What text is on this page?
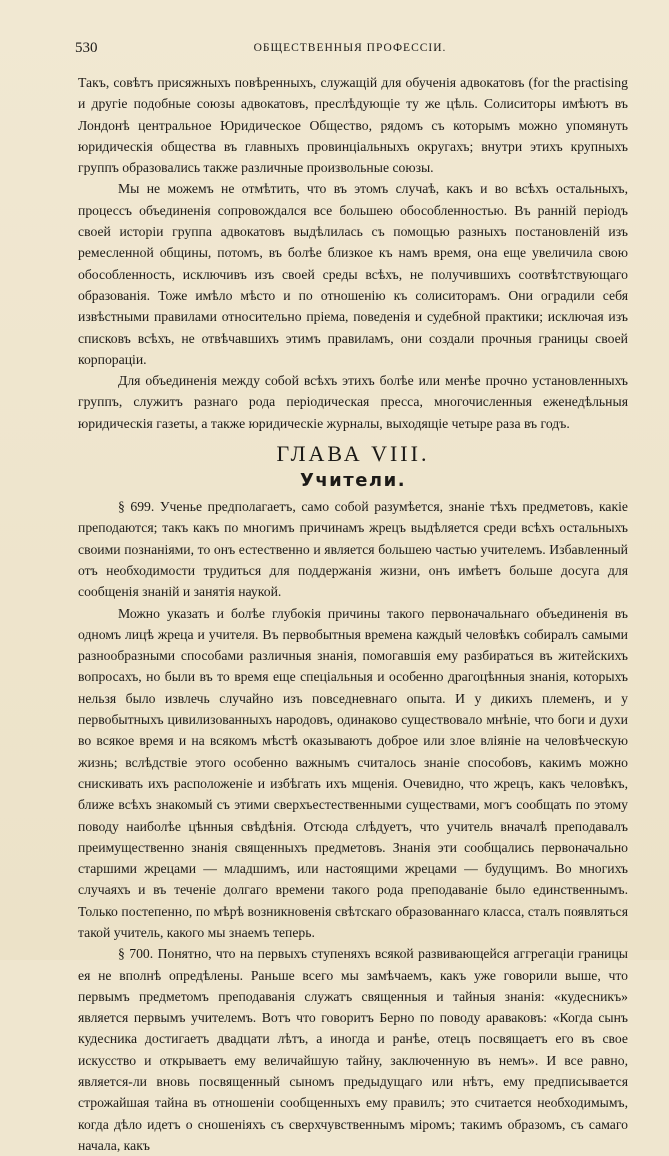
530	ОБЩЕСТВЕННЫЯ ПРОФЕССІИ.

Такъ, совѣтъ присяжныхъ повѣренныхъ, служащій для обученія адвокатовъ (for the practising и другіе подобные союзы адвокатовъ, преслѣдующіе ту же цѣль. Солиситоры имѣютъ въ Лондонѣ центральное Юридическое Общество, рядомъ съ которымъ можно упомянуть юридическія общества въ главныхъ провинціальныхъ округахъ; внутри этихъ крупныхъ группъ образовались также различные произвольные союзы.

Мы не можемъ не отмѣтить, что въ этомъ случаѣ, какъ и во всѣхъ остальныхъ, процессъ объединенія сопровождался все большею обособленностью. Въ ранній періодъ своей исторіи группа адвокатовъ выдѣлилась съ помощью разныхъ постановленій изъ ремесленной общины, потомъ, въ болѣе близкое къ намъ время, она еще увеличила свою обособленность, исключивъ изъ своей среды всѣхъ, не получившихъ соотвѣтствующаго образованія. Тоже имѣло мѣсто и по отношенію къ солиситорамъ. Они оградили себя извѣстными правилами относительно пріема, поведенія и судебной практики; исключая изъ списковъ всѣхъ, не отвѣчавшихъ этимъ правиламъ, они создали прочныя границы своей корпораціи.

Для объединенія между собой всѣхъ этихъ болѣе или менѣе прочно установленныхъ группъ, служитъ разнаго рода періодическая пресса, многочисленныя еженедѣльныя юридическія газеты, а также юридическіе журналы, выходящіе четыре раза въ годъ.

ГЛАВА VIII.
Учители.

§ 699. Ученье предполагаетъ, само собой разумѣется, знаніе тѣхъ предметовъ, какіе преподаются; такъ какъ по многимъ причинамъ жрецъ выдѣляется среди всѣхъ остальныхъ своими познаніями, то онъ естественно и является большею частью учителемъ. Избавленный отъ необходимости трудиться для поддержанія жизни, онъ имѣетъ больше досуга для сообщенія знаній и занятія наукой.

Можно указать и болѣе глубокія причины такого первоначальнаго объединенія въ одномъ лицѣ жреца и учителя. Въ первобытныя времена каждый человѣкъ собиралъ самыми разнообразными способами различныя знанія, помогавшія ему разбираться въ житейскихъ вопросахъ, но были въ то время еще спеціальныя и особенно драгоцѣнныя знанія, которыхъ нельзя было извлечь случайно изъ повседневнаго опыта. И у дикихъ племенъ, и у первобытныхъ цивилизованныхъ народовъ, одинаково существовало мнѣніе, что боги и духи во всякое время и на всякомъ мѣстѣ оказываютъ доброе или злое вліяніе на человѣческую жизнь; вслѣдствіе этого особенно важнымъ считалось знаніе способовъ, какимъ можно снискивать ихъ расположеніе и избѣгать ихъ мщенія. Очевидно, что жрецъ, какъ человѣкъ, ближе всѣхъ знакомый съ этими сверхъестественными существами, могъ сообщать по этому поводу наиболѣе цѣнныя свѣдѣнія. Отсюда слѣдуетъ, что учитель вначалѣ преподавалъ преимущественно знанія священныхъ предметовъ. Знанія эти сообщались первоначально старшими жрецами — младшимъ, или настоящими жрецами — будущимъ. Во многихъ случаяхъ и въ теченіе долгаго времени такого рода преподаваніе было единственнымъ. Только постепенно, по мѣрѣ возникновенія свѣтскаго образованнаго класса, сталъ появляться такой учитель, какого мы знаемъ теперь.

§ 700. Понятно, что на первыхъ ступеняхъ всякой развивающейся аггрегаціи границы ея не вполнѣ опредѣлены. Раньше всего мы замѣчаемъ, какъ уже говорили выше, что первымъ предметомъ преподаванія служатъ священныя и тайныя знанія: «кудесникъ» является первымъ учителемъ. Вотъ что говоритъ Берно по поводу араваковъ: «Когда сынъ кудесника достигаетъ двадцати лѣтъ, а иногда и ранѣе, отецъ посвящаетъ его въ свое искусство и открываетъ ему величайшую тайну, заключенную въ немъ». И все равно, является-ли вновь посвященный сыномъ предыдущаго или нѣтъ, ему предписывается строжайшая тайна въ отношеніи сообщенныхъ ему правилъ; это считается необходимымъ, когда дѣло идетъ о сношеніяхъ съ сверхчувственнымъ міромъ; такимъ образомъ, съ самаго начала, какъ
